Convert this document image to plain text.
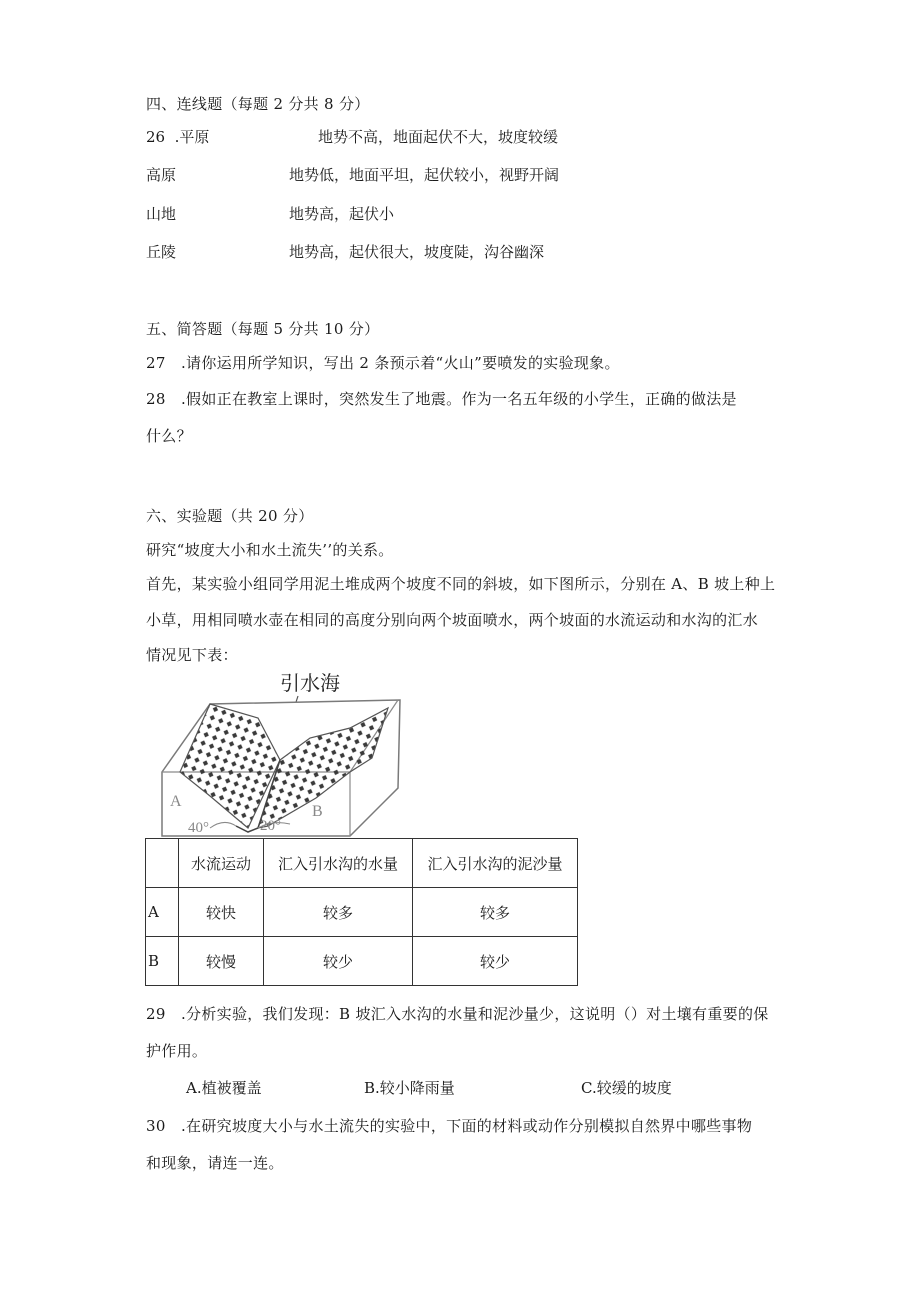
四、连线题（每题 2 分共 8 分）
26 .平原	地势不高，地面起伏不大，坡度较缓
高原	地势低，地面平坦，起伏较小，视野开阔
山地	地势高，起伏小
丘陵	地势高，起伏很大，坡度陡，沟谷幽深
五、简答题（每题 5 分共 10 分）
27　.请你运用所学知识，写出 2 条预示着“火山”要喷发的实验现象。
28　.假如正在教室上课时，突然发生了地震。作为一名五年级的小学生，正确的做法是
什么？
六、实验题（共 20 分）
研究“坡度大小和水土流失’’的关系。
首先，某实验小组同学用泥土堆成两个坡度不同的斜坡，如下图所示，分别在 A、B 坡上种上
小草，用相同喷水壶在相同的高度分别向两个坡面喷水，两个坡面的水流运动和水沟的汇水
情况见下表：
引水海
A
B
40°	20°
	水流运动	汇入引水沟的水量	汇入引水沟的泥沙量
A	较快	较多	较多
B	较慢	较少	较少
29　.分析实验，我们发现：B 坡汇入水沟的水量和泥沙量少，这说明（）对土壤有重要的保
护作用。
A.植被覆盖	B.较小降雨量	C.较缓的坡度
30　.在研究坡度大小与水土流失的实验中，下面的材料或动作分别模拟自然界中哪些事物
和现象，请连一连。
